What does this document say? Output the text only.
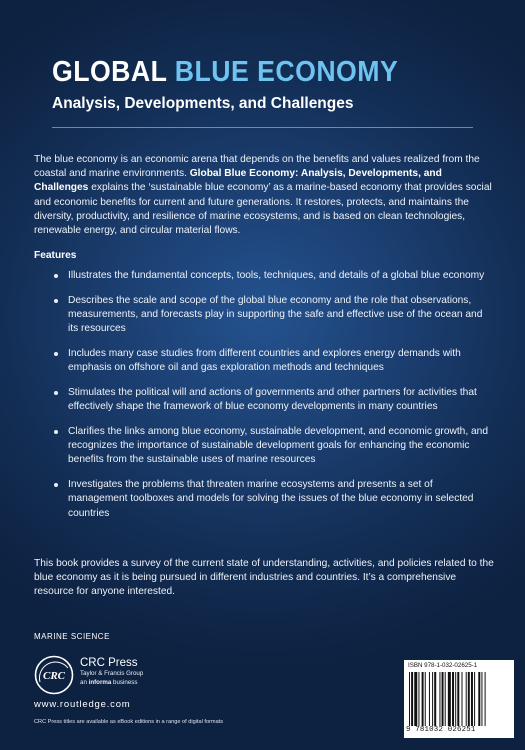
GLOBAL BLUE ECONOMY

Analysis, Developments, and Challenges

The blue economy is an economic arena that depends on the benefits and values realized from the coastal and marine environments. Global Blue Economy: Analysis, Developments, and Challenges explains the ‘sustainable blue economy’ as a marine-based economy that provides social and economic benefits for current and future generations. It restores, protects, and maintains the diversity, productivity, and resilience of marine ecosystems, and is based on clean technologies, renewable energy, and circular material flows.

Features

Illustrates the fundamental concepts, tools, techniques, and details of a global blue economy
Describes the scale and scope of the global blue economy and the role that observations, measurements, and forecasts play in supporting the safe and effective use of the ocean and its resources
Includes many case studies from different countries and explores energy demands with emphasis on offshore oil and gas exploration methods and techniques
Stimulates the political will and actions of governments and other partners for activities that effectively shape the framework of blue economy developments in many countries
Clarifies the links among blue economy, sustainable development, and economic growth, and recognizes the importance of sustainable development goals for enhancing the economic benefits from the sustainable uses of marine resources
Investigates the problems that threaten marine ecosystems and presents a set of management toolboxes and models for solving the issues of the blue economy in selected countries

This book provides a survey of the current state of understanding, activities, and policies related to the blue economy as it is being pursued in different industries and countries. It’s a comprehensive resource for anyone interested.

MARINE SCIENCE

CRC
CRC Press
Taylor & Francis Group
an informa business
www.routledge.com
CRC Press titles are available as eBook editions in a range of digital formats
ISBN 978-1-032-02625-1
9 781032 026251
